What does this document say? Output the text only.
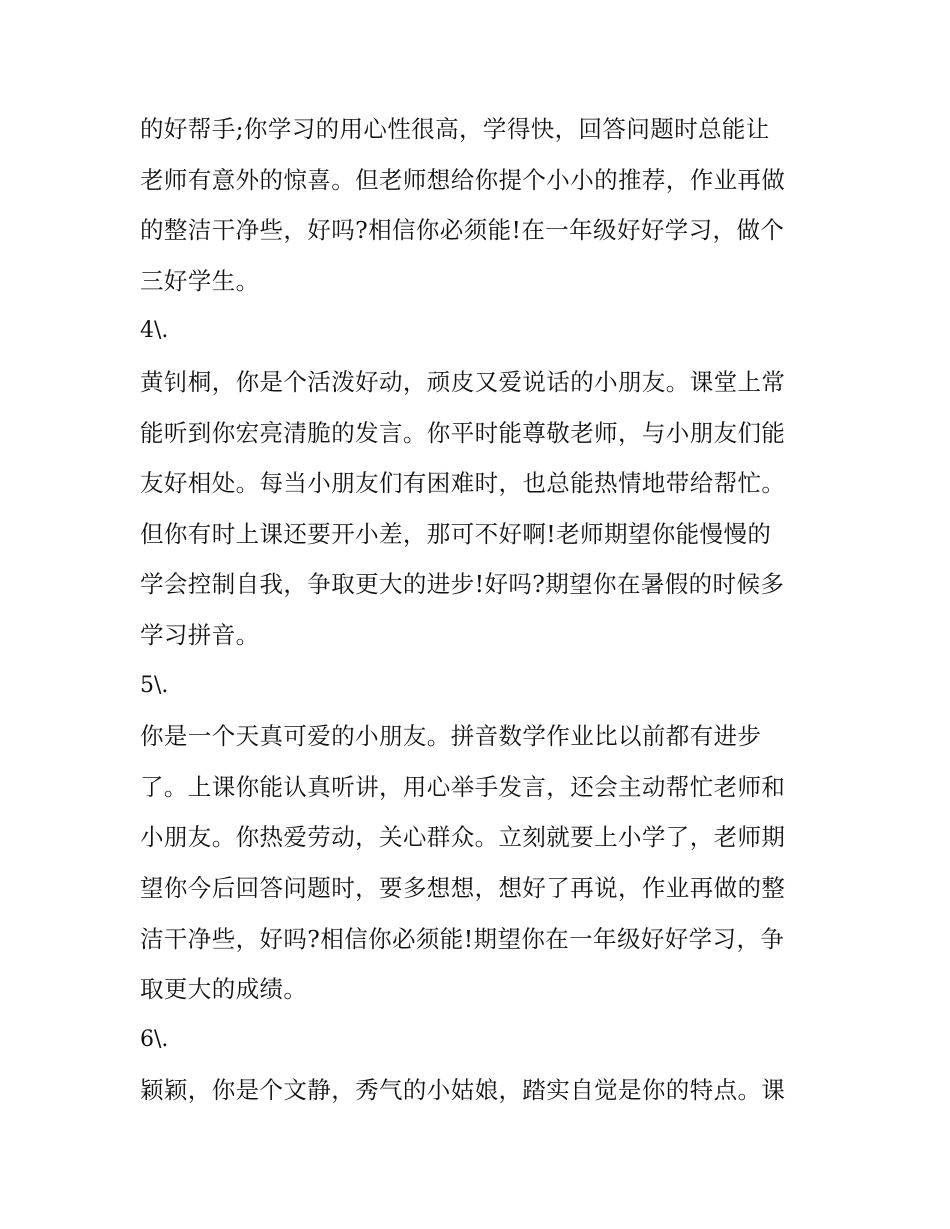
的好帮手;你学习的用心性很高，学得快，回答问题时总能让
老师有意外的惊喜。但老师想给你提个小小的推荐，作业再做
的整洁干净些，好吗?相信你必须能!在一年级好好学习，做个
三好学生。
4\.
黄钊桐，你是个活泼好动，顽皮又爱说话的小朋友。课堂上常
能听到你宏亮清脆的发言。你平时能尊敬老师，与小朋友们能
友好相处。每当小朋友们有困难时，也总能热情地带给帮忙。
但你有时上课还要开小差，那可不好啊!老师期望你能慢慢的
学会控制自我，争取更大的进步!好吗?期望你在暑假的时候多
学习拼音。
5\.
你是一个天真可爱的小朋友。拼音数学作业比以前都有进步
了。上课你能认真听讲，用心举手发言，还会主动帮忙老师和
小朋友。你热爱劳动，关心群众。立刻就要上小学了，老师期
望你今后回答问题时，要多想想，想好了再说，作业再做的整
洁干净些，好吗?相信你必须能!期望你在一年级好好学习，争
取更大的成绩。
6\.
颖颖，你是个文静，秀气的小姑娘，踏实自觉是你的特点。课
